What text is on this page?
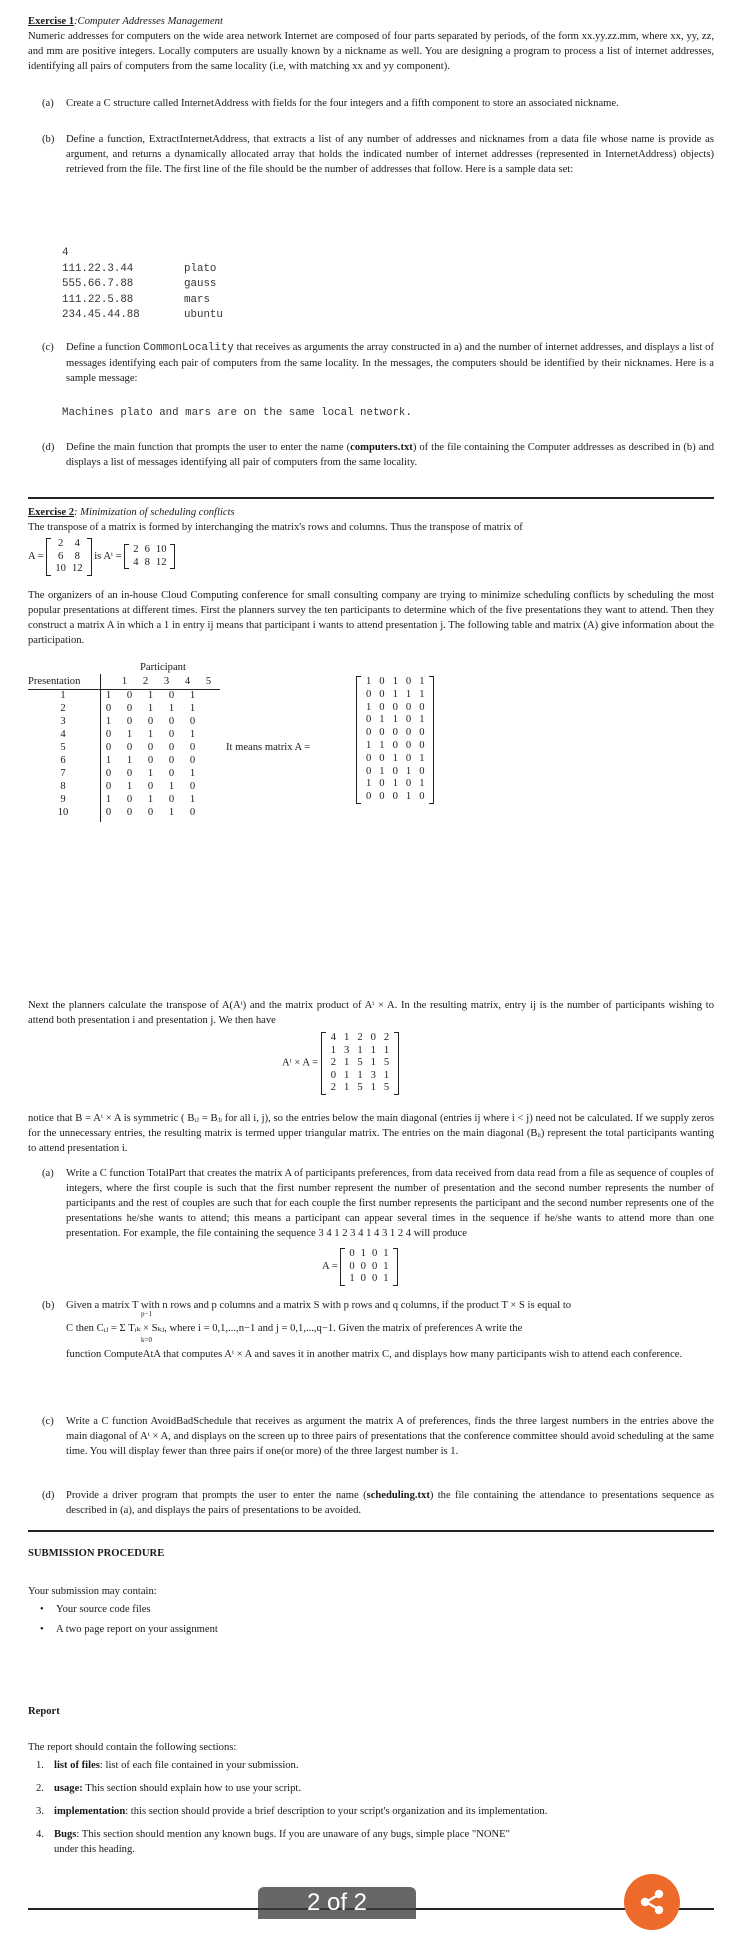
Exercise 1:Computer Addresses Management

Numeric addresses for computers on the wide area network Internet are composed of four parts separated by periods, of the form xx.yy.zz.mm, where xx, yy, zz, and mm are positive integers. Locally computers are usually known by a nickname as well. You are designing a program to process a list of internet addresses, identifying all pairs of computers from the same locality (i.e, with matching xx and yy component).

(a) Create a C structure called InternetAddress with fields for the four integers and a fifth component to store an associated nickname.

(b) Define a function, ExtractInternetAddress, that extracts a list of any number of addresses and nicknames from a data file whose name is provide as argument, and returns a dynamically allocated array that holds the indicated number of internet addresses (represented in InternetAddress) objects) retrieved from the file. The first line of the file should be the number of addresses that follow. Here is a sample data set:

4
111.22.3.44	plato
555.66.7.88	gauss
111.22.5.88	mars
234.45.44.88	ubuntu
(c) Define a function CommonLocality that receives as arguments the array constructed in a) and the number of internet addresses, and displays a list of messages identifying each pair of computers from the same locality. In the messages, the computers should be identified by their nicknames. Here is a sample message:

Machines plato and mars are on the same local network.
(d) Define the main function that prompts the user to enter the name (computers.txt) of the file containing the Computer addresses as described in (b) and displays a list of messages identifying all pair of computers from the same locality.

Exercise 2: Minimization of scheduling conflicts

The transpose of a matrix is formed by interchanging the matrix's rows and columns. Thus the transpose of matrix of

A =
2	4
6	8
10	12
is Aᵗ =
2	6	10
4	8	12

The organizers of an in-house Cloud Computing conference for small consulting company are trying to minimize scheduling conflicts by scheduling the most popular presentations at different times. First the planners survey the ten participants to determine which of the five presentations they want to attend. Then they construct a matrix A in which a 1 in entry ij means that participant i wants to attend presentation j. The following table and matrix (A) give information about the participation.

Participant
Presentation	1 2 3 4 5
1	1	0	1	0	1
2	0	0	1	1	1
3	1	0	0	0	0
4	0	1	1	0	1
5	0	0	0	0	0
6	1	1	0	0	0
7	0	0	1	0	1
8	0	1	0	1	0
9	1	0	1	0	1
10	0	0	0	1	0
It means matrix A =
1	0	1	0	1
0	0	1	1	1
1	0	0	0	0
0	1	1	0	1
0	0	0	0	0
1	1	0	0	0
0	0	1	0	1
0	1	0	1	0
1	0	1	0	1
0	0	0	1	0

Next the planners calculate the transpose of A(Aᵗ) and the matrix product of Aᵗ × A. In the resulting matrix, entry ij is the number of participants wishing to attend both presentation i and presentation j. We then have

Aᵗ × A =
4	1	2	0	2
1	3	1	1	1
2	1	5	1	5
0	1	1	3	1
2	1	5	1	5

notice that B = Aᵗ × A is symmetric ( Bᵢⱼ = Bⱼᵢ for all i, j), so the entries below the main diagonal (entries ij where i < j) need not be calculated. If we supply zeros for the unnecessary entries, the resulting matrix is termed upper triangular matrix. The entries on the main diagonal (Bᵢᵢ) represent the total participants wanting to attend presentation i.

(a) Write a C function TotalPart that creates the matrix A of participants preferences, from data received from data read from a file as sequence of couples of integers, where the first couple is such that the first number represent the number of presentation and the second number represents the number of participants and the rest of couples are such that for each couple the first number represents the participant and the second number represents one of the presentations he/she wants to attend; this means a participant can appear several times in the sequence if he/she wants to attend more than one presentation. For example, the file containing the sequence 3 4 1 2 3 4 1 4 3 1 2 4 will produce

A =
0	1	0	1
0	0	0	1
1	0	0	1
(b) Given a matrix T with n rows and p columns and a matrix S with p rows and q columns, if the product T × S is equal to

p−1

C then Cᵢⱼ = Σ Tᵢₖ × Sₖⱼ, where i = 0,1,...,n−1 and j = 0,1,...,q−1. Given the matrix of preferences A write the

k=0

function ComputeAtA that computes Aᵗ × A and saves it in another matrix C, and displays how many participants wish to attend each conference.

(c) Write a C function AvoidBadSchedule that receives as argument the matrix A of preferences, finds the three largest numbers in the entries above the main diagonal of Aᵗ × A, and displays on the screen up to three pairs of presentations that the conference committee should avoid scheduling at the same time. You will display fewer than three pairs if one(or more) of the three largest number is 1.

(d) Provide a driver program that prompts the user to enter the name (scheduling.txt) the file containing the attendance to presentations sequence as described in (a), and displays the pairs of presentations to be avoided.

SUBMISSION PROCEDURE
Your submission may contain:
• Your source code files
• A two page report on your assignment
Report
The report should contain the following sections:
1. list of files: list of each file contained in your submission.
2. usage: This section should explain how to use your script.
3. implementation: this section should provide a brief description to your script's organization and its implementation.
4. Bugs: This section should mention any known bugs. If you are unaware of any bugs, simple place "NONE" under this heading.
2 of 2
